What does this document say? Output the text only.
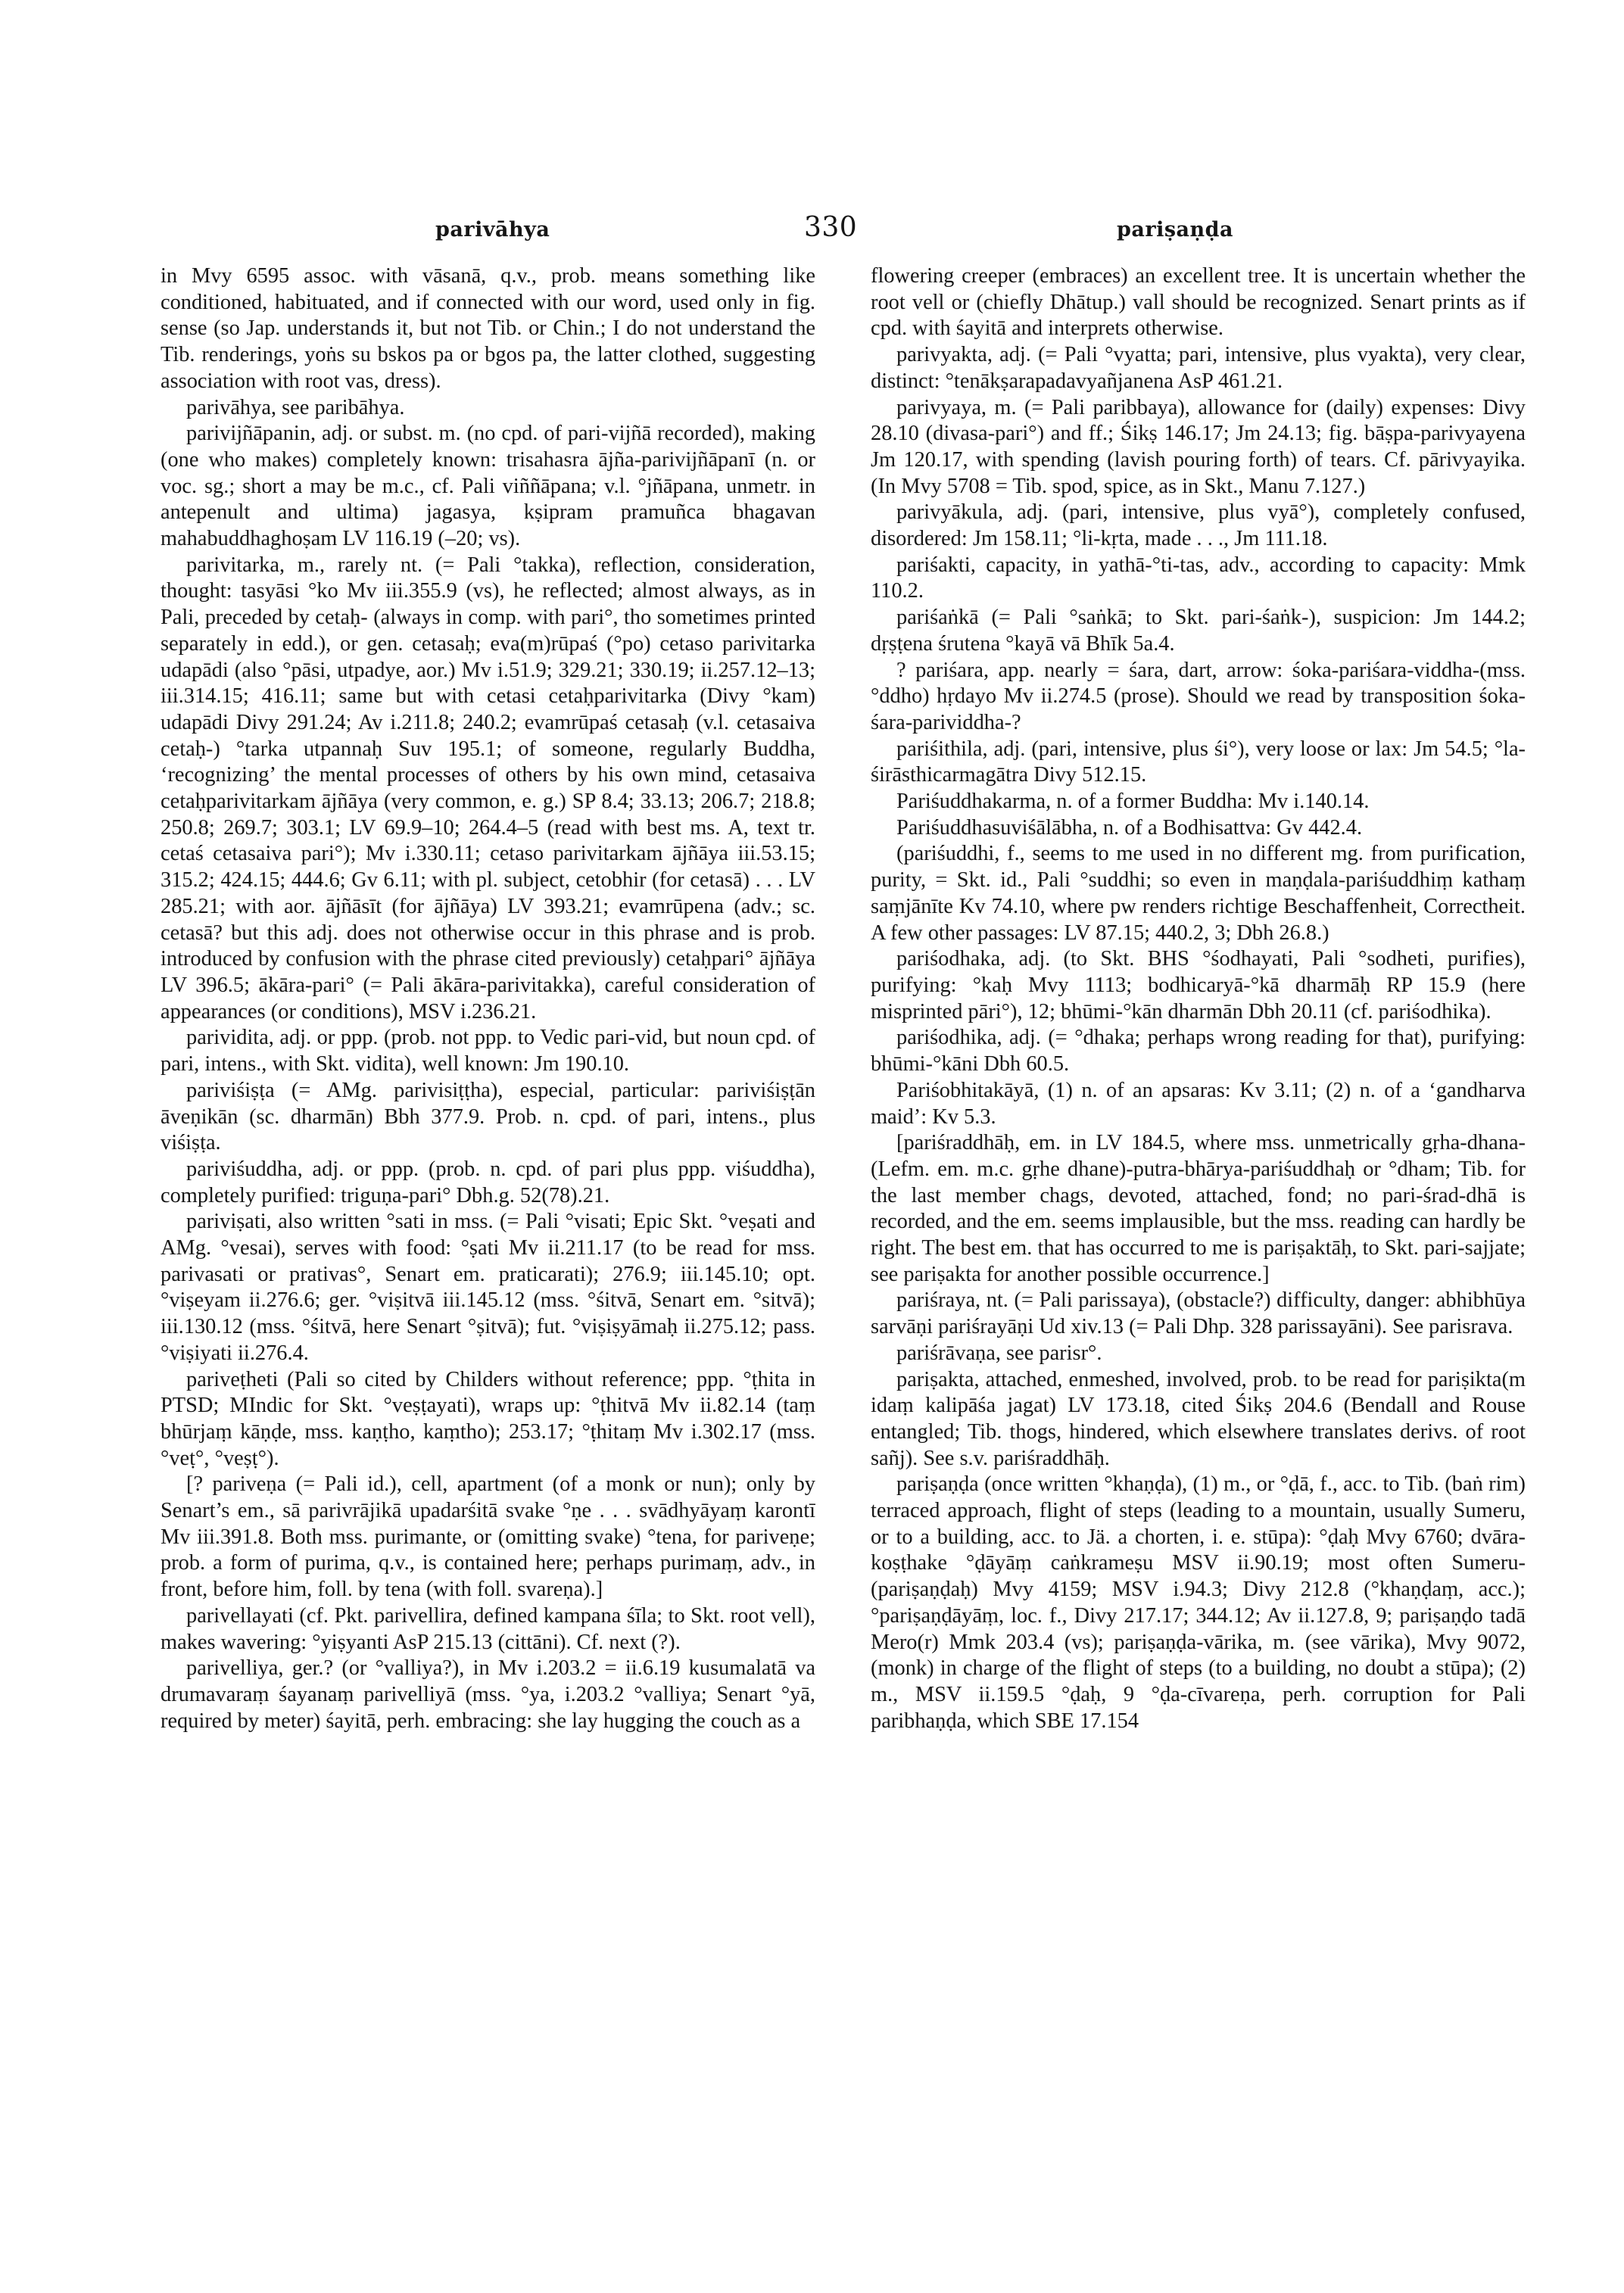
parivāhya	330	pariṣaṇḍa

in Mvy 6595 assoc. with vāsanā, q.v., prob. means something like conditioned, habituated, and if connected with our word, used only in fig. sense (so Jap. understands it, but not Tib. or Chin.; I do not understand the Tib. renderings, yoṅs su bskos pa or bgos pa, the latter clothed, suggesting association with root vas, dress).

parivāhya, see paribāhya.

parivijñāpanin, adj. or subst. m. (no cpd. of pari-vijñā recorded), making (one who makes) completely known: trisahasra ājña-parivijñāpanī (n. or voc. sg.; short a may be m.c., cf. Pali viññāpana; v.l. °jñāpana, unmetr. in antepenult and ultima) jagasya, kṣipram pramuñca bhagavan mahabuddhaghoṣam LV 116.19 (–20; vs).

parivitarka, m., rarely nt. (= Pali °takka), reflection, consideration, thought: tasyāsi °ko Mv iii.355.9 (vs), he reflected; almost always, as in Pali, preceded by cetaḥ- (always in comp. with pari°, tho sometimes printed separately in edd.), or gen. cetasaḥ; eva(m)rūpaś (°po) cetaso parivitarka udapādi (also °pāsi, utpadye, aor.) Mv i.51.9; 329.21; 330.19; ii.257.12–13; iii.314.15; 416.11; same but with cetasi cetaḥparivitarka (Divy °kam) udapādi Divy 291.24; Av i.211.8; 240.2; evamrūpaś cetasaḥ (v.l. cetasaiva cetaḥ-) °tarka utpannaḥ Suv 195.1; of someone, regularly Buddha, ‘recognizing’ the mental processes of others by his own mind, cetasaiva cetaḥparivitarkam ājñāya (very common, e. g.) SP 8.4; 33.13; 206.7; 218.8; 250.8; 269.7; 303.1; LV 69.9–10; 264.4–5 (read with best ms. A, text tr. cetaś cetasaiva pari°); Mv i.330.11; cetaso parivitarkam ājñāya iii.53.15; 315.2; 424.15; 444.6; Gv 6.11; with pl. subject, cetobhir (for cetasā) . . . LV 285.21; with aor. ājñāsīt (for ājñāya) LV 393.21; evamrūpena (adv.; sc. cetasā? but this adj. does not otherwise occur in this phrase and is prob. introduced by confusion with the phrase cited previously) cetaḥpari° ājñāya LV 396.5; ākāra-pari° (= Pali ākāra-parivitakka), careful consideration of appearances (or conditions), MSV i.236.21.

parividita, adj. or ppp. (prob. not ppp. to Vedic pari-vid, but noun cpd. of pari, intens., with Skt. vidita), well known: Jm 190.10.

pariviśiṣṭa (= AMg. parivisiṭṭha), especial, particular: pariviśiṣṭān āveṇikān (sc. dharmān) Bbh 377.9. Prob. n. cpd. of pari, intens., plus viśiṣṭa.

pariviśuddha, adj. or ppp. (prob. n. cpd. of pari plus ppp. viśuddha), completely purified: triguṇa-pari° Dbh.g. 52(78).21.

pariviṣati, also written °sati in mss. (= Pali °visati; Epic Skt. °veṣati and AMg. °vesai), serves with food: °ṣati Mv ii.211.17 (to be read for mss. parivasati or prativas°, Senart em. praticarati); 276.9; iii.145.10; opt. °viṣeyam ii.276.6; ger. °viṣitvā iii.145.12 (mss. °śitvā, Senart em. °sitvā); iii.130.12 (mss. °śitvā, here Senart °ṣitvā); fut. °viṣiṣyāmaḥ ii.275.12; pass. °viṣiyati ii.276.4.

pariveṭheti (Pali so cited by Childers without reference; ppp. °ṭhita in PTSD; MIndic for Skt. °veṣṭayati), wraps up: °ṭhitvā Mv ii.82.14 (taṃ bhūrjaṃ kāṇḍe, mss. kaṇṭho, kaṃtho); 253.17; °ṭhitaṃ Mv i.302.17 (mss. °veṭ°, °veṣṭ°).

[? pariveṇa (= Pali id.), cell, apartment (of a monk or nun); only by Senart’s em., sā parivrājikā upadarśitā svake °ṇe . . . svādhyāyaṃ karontī Mv iii.391.8. Both mss. purimante, or (omitting svake) °tena, for pariveṇe; prob. a form of purima, q.v., is contained here; perhaps purimaṃ, adv., in front, before him, foll. by tena (with foll. svareṇa).]

parivellayati (cf. Pkt. parivellira, defined kampana śīla; to Skt. root vell), makes wavering: °yiṣyanti AsP 215.13 (cittāni). Cf. next (?).

parivelliya, ger.? (or °valliya?), in Mv i.203.2 = ii.6.19 kusumalatā va drumavaraṃ śayanaṃ parivelliyā (mss. °ya, i.203.2 °valliya; Senart °yā, required by meter) śayitā, perh. embracing: she lay hugging the couch as a

flowering creeper (embraces) an excellent tree. It is uncertain whether the root vell or (chiefly Dhātup.) vall should be recognized. Senart prints as if cpd. with śayitā and interprets otherwise.

parivyakta, adj. (= Pali °vyatta; pari, intensive, plus vyakta), very clear, distinct: °tenākṣarapadavyañjanena AsP 461.21.

parivyaya, m. (= Pali paribbaya), allowance for (daily) expenses: Divy 28.10 (divasa-pari°) and ff.; Śikṣ 146.17; Jm 24.13; fig. bāṣpa-parivyayena Jm 120.17, with spending (lavish pouring forth) of tears. Cf. pārivyayika. (In Mvy 5708 = Tib. spod, spice, as in Skt., Manu 7.127.)

parivyākula, adj. (pari, intensive, plus vyā°), completely confused, disordered: Jm 158.11; °li-kṛta, made . . ., Jm 111.18.

pariśakti, capacity, in yathā-°ti-tas, adv., according to capacity: Mmk 110.2.

pariśaṅkā (= Pali °saṅkā; to Skt. pari-śaṅk-), suspicion: Jm 144.2; dṛṣṭena śrutena °kayā vā Bhīk 5a.4.

? pariśara, app. nearly = śara, dart, arrow: śoka-pariśara-viddha-(mss. °ddho) hṛdayo Mv ii.274.5 (prose). Should we read by transposition śoka-śara-parividdha-?

pariśithila, adj. (pari, intensive, plus śi°), very loose or lax: Jm 54.5; °la-śirāsthicarmagātra Divy 512.15.

Pariśuddhakarma, n. of a former Buddha: Mv i.140.14.

Pariśuddhasuviśālābha, n. of a Bodhisattva: Gv 442.4.

(pariśuddhi, f., seems to me used in no different mg. from purification, purity, = Skt. id., Pali °suddhi; so even in maṇḍala-pariśuddhiṃ kathaṃ saṃjānīte Kv 74.10, where pw renders richtige Beschaffenheit, Correctheit. A few other passages: LV 87.15; 440.2, 3; Dbh 26.8.)

pariśodhaka, adj. (to Skt. BHS °śodhayati, Pali °sodheti, purifies), purifying: °kaḥ Mvy 1113; bodhicaryā-°kā dharmāḥ RP 15.9 (here misprinted pāri°), 12; bhūmi-°kān dharmān Dbh 20.11 (cf. pariśodhika).

pariśodhika, adj. (= °dhaka; perhaps wrong reading for that), purifying: bhūmi-°kāni Dbh 60.5.

Pariśobhitakāyā, (1) n. of an apsaras: Kv 3.11; (2) n. of a ‘gandharva maid’: Kv 5.3.

[pariśraddhāḥ, em. in LV 184.5, where mss. unmetrically gṛha-dhana-(Lefm. em. m.c. gṛhe dhane)-putra-bhārya-pariśuddhaḥ or °dham; Tib. for the last member chags, devoted, attached, fond; no pari-śrad-dhā is recorded, and the em. seems implausible, but the mss. reading can hardly be right. The best em. that has occurred to me is pariṣaktāḥ, to Skt. pari-sajjate; see pariṣakta for another possible occurrence.]

pariśraya, nt. (= Pali parissaya), (obstacle?) difficulty, danger: abhibhūya sarvāṇi pariśrayāṇi Ud xiv.13 (= Pali Dhp. 328 parissayāni). See parisrava.

pariśrāvaṇa, see parisr°.

pariṣakta, attached, enmeshed, involved, prob. to be read for pariṣikta(m idaṃ kalipāśa jagat) LV 173.18, cited Śikṣ 204.6 (Bendall and Rouse entangled; Tib. thogs, hindered, which elsewhere translates derivs. of root sañj). See s.v. pariśraddhāḥ.

pariṣaṇḍa (once written °khaṇḍa), (1) m., or °ḍā, f., acc. to Tib. (baṅ rim) terraced approach, flight of steps (leading to a mountain, usually Sumeru, or to a building, acc. to Jä. a chorten, i. e. stūpa): °ḍaḥ Mvy 6760; dvāra-koṣṭhake °ḍāyāṃ caṅkrameṣu MSV ii.90.19; most often Sumeru- (pariṣaṇḍaḥ) Mvy 4159; MSV i.94.3; Divy 212.8 (°khaṇḍaṃ, acc.); °pariṣaṇḍāyāṃ, loc. f., Divy 217.17; 344.12; Av ii.127.8, 9; pariṣaṇḍo tadā Mero(r) Mmk 203.4 (vs); pariṣaṇḍa-vārika, m. (see vārika), Mvy 9072, (monk) in charge of the flight of steps (to a building, no doubt a stūpa); (2) m., MSV ii.159.5 °ḍaḥ, 9 °ḍa-cīvareṇa, perh. corruption for Pali paribhaṇḍa, which SBE 17.154
